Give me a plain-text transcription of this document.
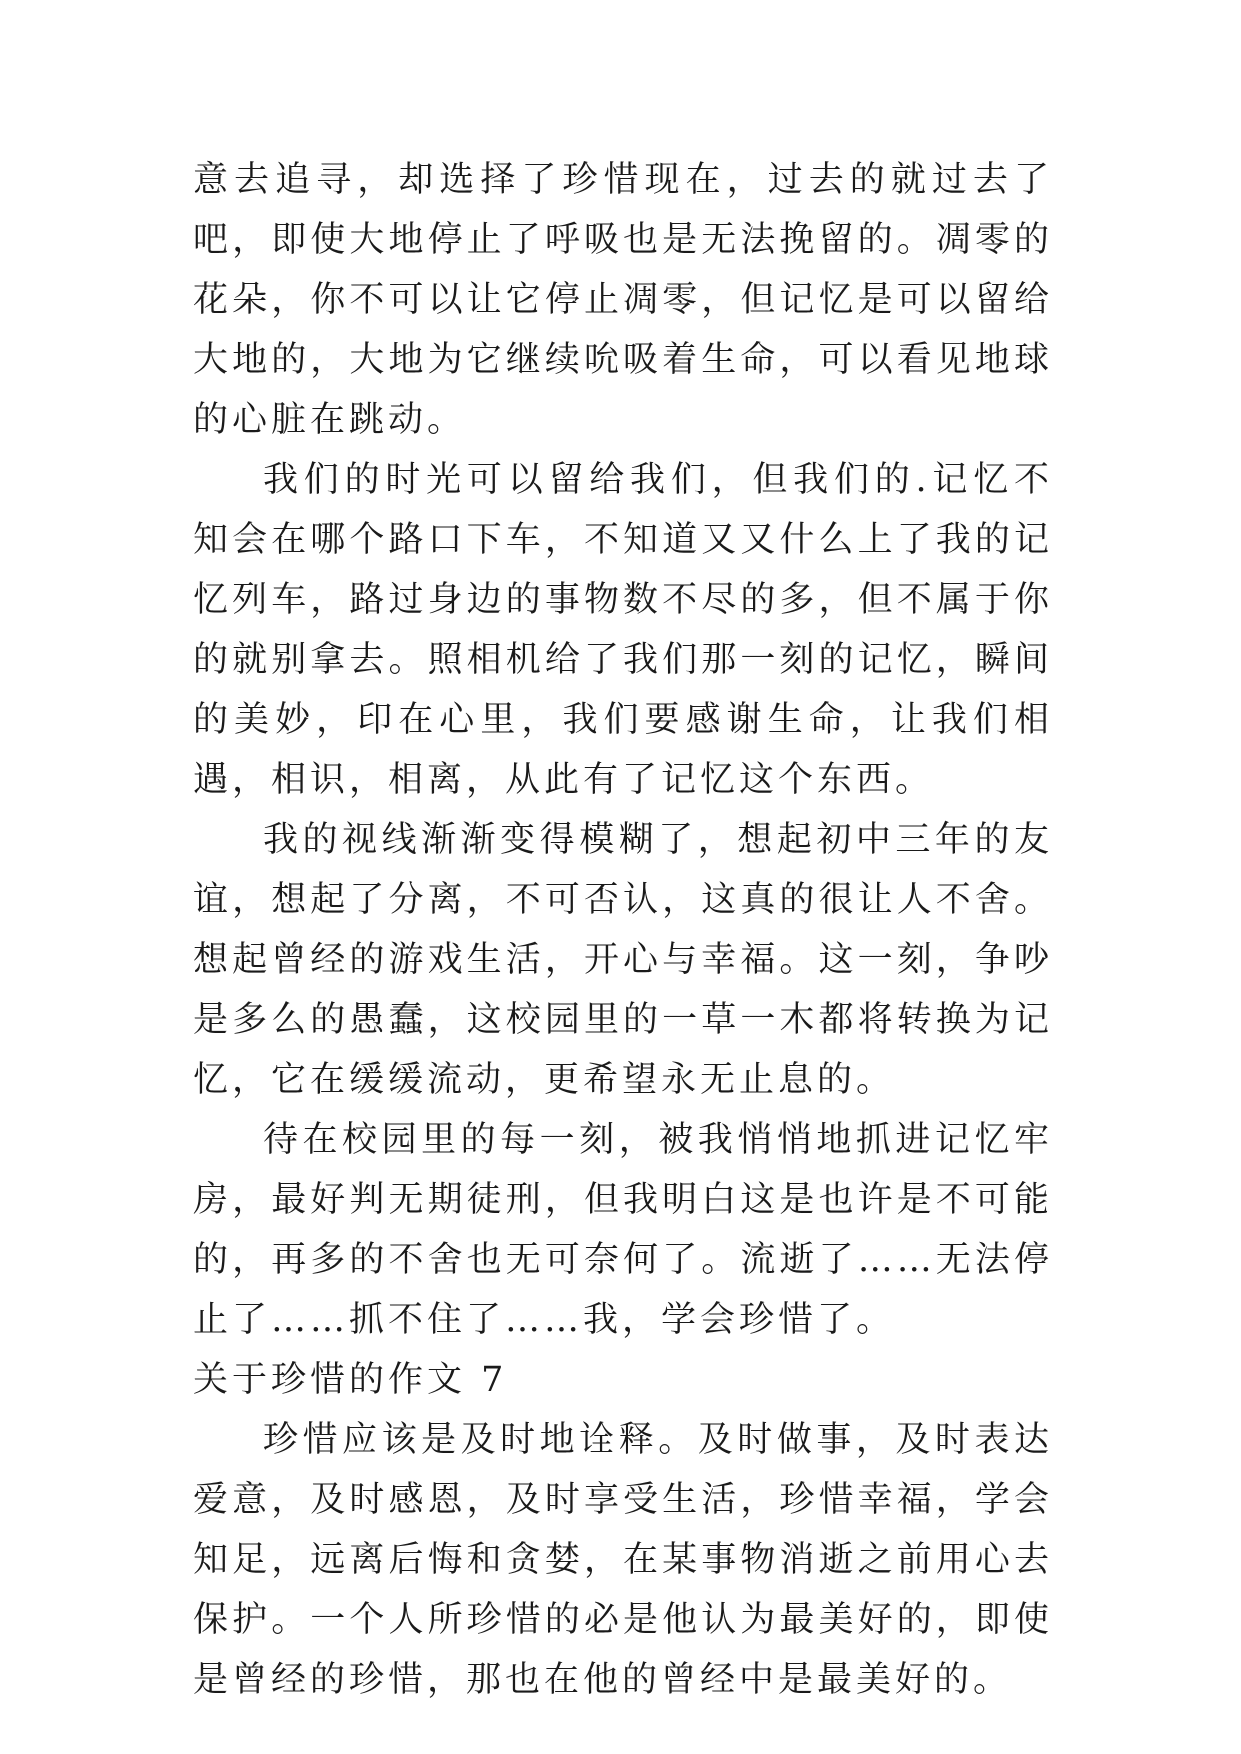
意去追寻，却选择了珍惜现在，过去的就过去了吧，即使大地停止了呼吸也是无法挽留的。凋零的花朵，你不可以让它停止凋零，但记忆是可以留给大地的，大地为它继续吮吸着生命，可以看见地球的心脏在跳动。

我们的时光可以留给我们，但我们的.记忆不知会在哪个路口下车，不知道又又什么上了我的记忆列车，路过身边的事物数不尽的多，但不属于你的就别拿去。照相机给了我们那一刻的记忆，瞬间的美妙，印在心里，我们要感谢生命，让我们相遇，相识，相离，从此有了记忆这个东西。

我的视线渐渐变得模糊了，想起初中三年的友谊，想起了分离，不可否认，这真的很让人不舍。想起曾经的游戏生活，开心与幸福。这一刻，争吵是多么的愚蠢，这校园里的一草一木都将转换为记忆，它在缓缓流动，更希望永无止息的。

待在校园里的每一刻，被我悄悄地抓进记忆牢房，最好判无期徒刑，但我明白这是也许是不可能的，再多的不舍也无可奈何了。流逝了……无法停止了……抓不住了……我，学会珍惜了。

关于珍惜的作文 7

珍惜应该是及时地诠释。及时做事，及时表达爱意，及时感恩，及时享受生活，珍惜幸福，学会知足，远离后悔和贪婪，在某事物消逝之前用心去保护。一个人所珍惜的必是他认为最美好的，即使是曾经的珍惜，那也在他的曾经中是最美好的。
